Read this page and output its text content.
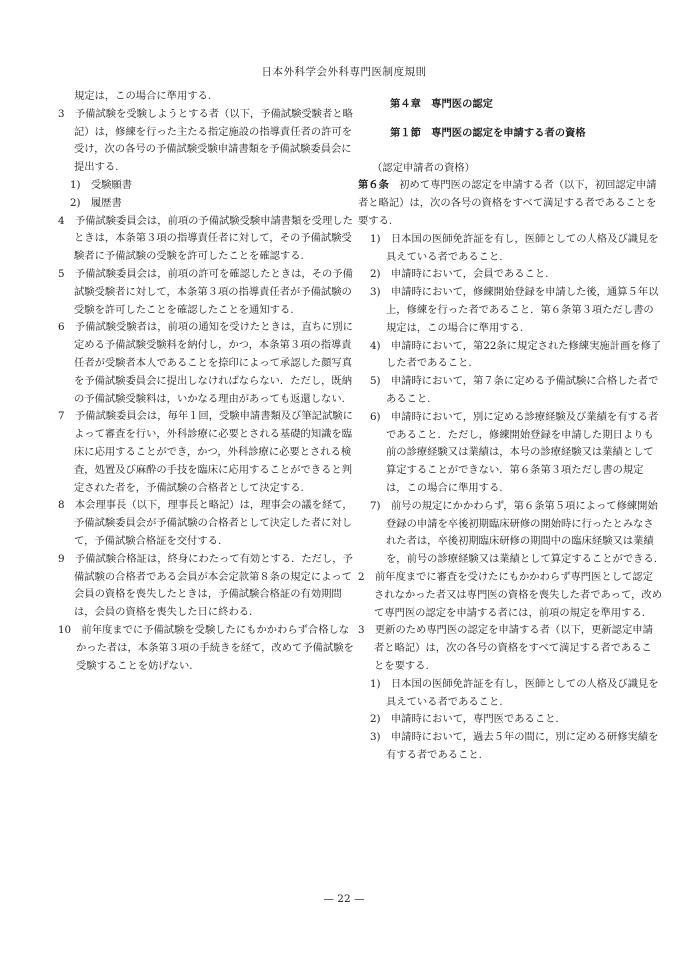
日本外科学会外科専門医制度規則
規定は，この場合に準用する.
3　予備試験を受験しようとする者（以下，予備試験受験者と略記）は，修練を行った主たる指定施設の指導責任者の許可を受け，次の各号の予備試験受験申請書類を予備試験委員会に提出する.
1)　受験願書
2)　履歴書
4　予備試験委員会は，前項の予備試験受験申請書類を受理したときは，本条第３項の指導責任者に対して，その予備試験受験者に予備試験の受験を許可したことを確認する.
5　予備試験委員会は，前項の許可を確認したときは，その予備試験受験者に対して，本条第３項の指導責任者が予備試験の受験を許可したことを確認したことを通知する.
6　予備試験受験者は，前項の通知を受けたときは，直ちに別に定める予備試験受験料を納付し，かつ，本条第３項の指導責任者が受験者本人であることを捺印によって承認した顔写真を予備試験委員会に提出しなければならない．ただし，既納の予備試験受験料は，いかなる理由があっても返還しない.
7　予備試験委員会は，毎年１回，受験申請書類及び筆記試験によって審査を行い，外科診療に必要とされる基礎的知識を臨床に応用することができ，かつ，外科診療に必要とされる検査，処置及び麻酔の手技を臨床に応用することができると判定された者を，予備試験の合格者として決定する.
8　本会理事長（以下，理事長と略記）は，理事会の議を経て，予備試験委員会が予備試験の合格者として決定した者に対して，予備試験合格証を交付する.
9　予備試験合格証は，終身にわたって有効とする．ただし，予備試験の合格者である会員が本会定款第８条の規定によって会員の資格を喪失したときは，予備試験合格証の有効期間は，会員の資格を喪失した日に終わる.
10　前年度までに予備試験を受験したにもかかわらず合格しなかった者は，本条第３項の手続きを経て，改めて予備試験を受験することを妨げない.
第４章　専門医の認定
第１節　専門医の認定を申請する者の資格
（認定申請者の資格）
第６条　初めて専門医の認定を申請する者（以下，初回認定申請者と略記）は，次の各号の資格をすべて満足する者であることを要する.
1)　日本国の医師免許証を有し，医師としての人格及び識見を具えている者であること.
2)　申請時において，会員であること.
3)　申請時において，修練開始登録を申請した後，通算５年以上，修練を行った者であること．第６条第３項ただし書の規定は，この場合に準用する.
4)　申請時において，第22条に規定された修練実施計画を修了した者であること.
5)　申請時において，第７条に定める予備試験に合格した者であること.
6)　申請時において，別に定める診療経験及び業績を有する者であること．ただし，修練開始登録を申請した期日よりも前の診療経験又は業績は，本号の診療経験又は業績として算定することができない．第６条第３項ただし書の規定は，この場合に準用する.
7)　前号の規定にかかわらず，第６条第５項によって修練開始登録の申請を卒後初期臨床研修の開始時に行ったとみなされた者は，卒後初期臨床研修の期間中の臨床経験又は業績を，前号の診療経験又は業績として算定することができる.
2　前年度までに審査を受けたにもかかわらず専門医として認定されなかった者又は専門医の資格を喪失した者であって，改めて専門医の認定を申請する者には，前項の規定を準用する.
3　更新のため専門医の認定を申請する者（以下，更新認定申請者と略記）は，次の各号の資格をすべて満足する者であることを要する.
1)　日本国の医師免許証を有し，医師としての人格及び識見を具えている者であること.
2)　申請時において，専門医であること.
3)　申請時において，過去５年の間に，別に定める研修実績を有する者であること.
— 22 —
